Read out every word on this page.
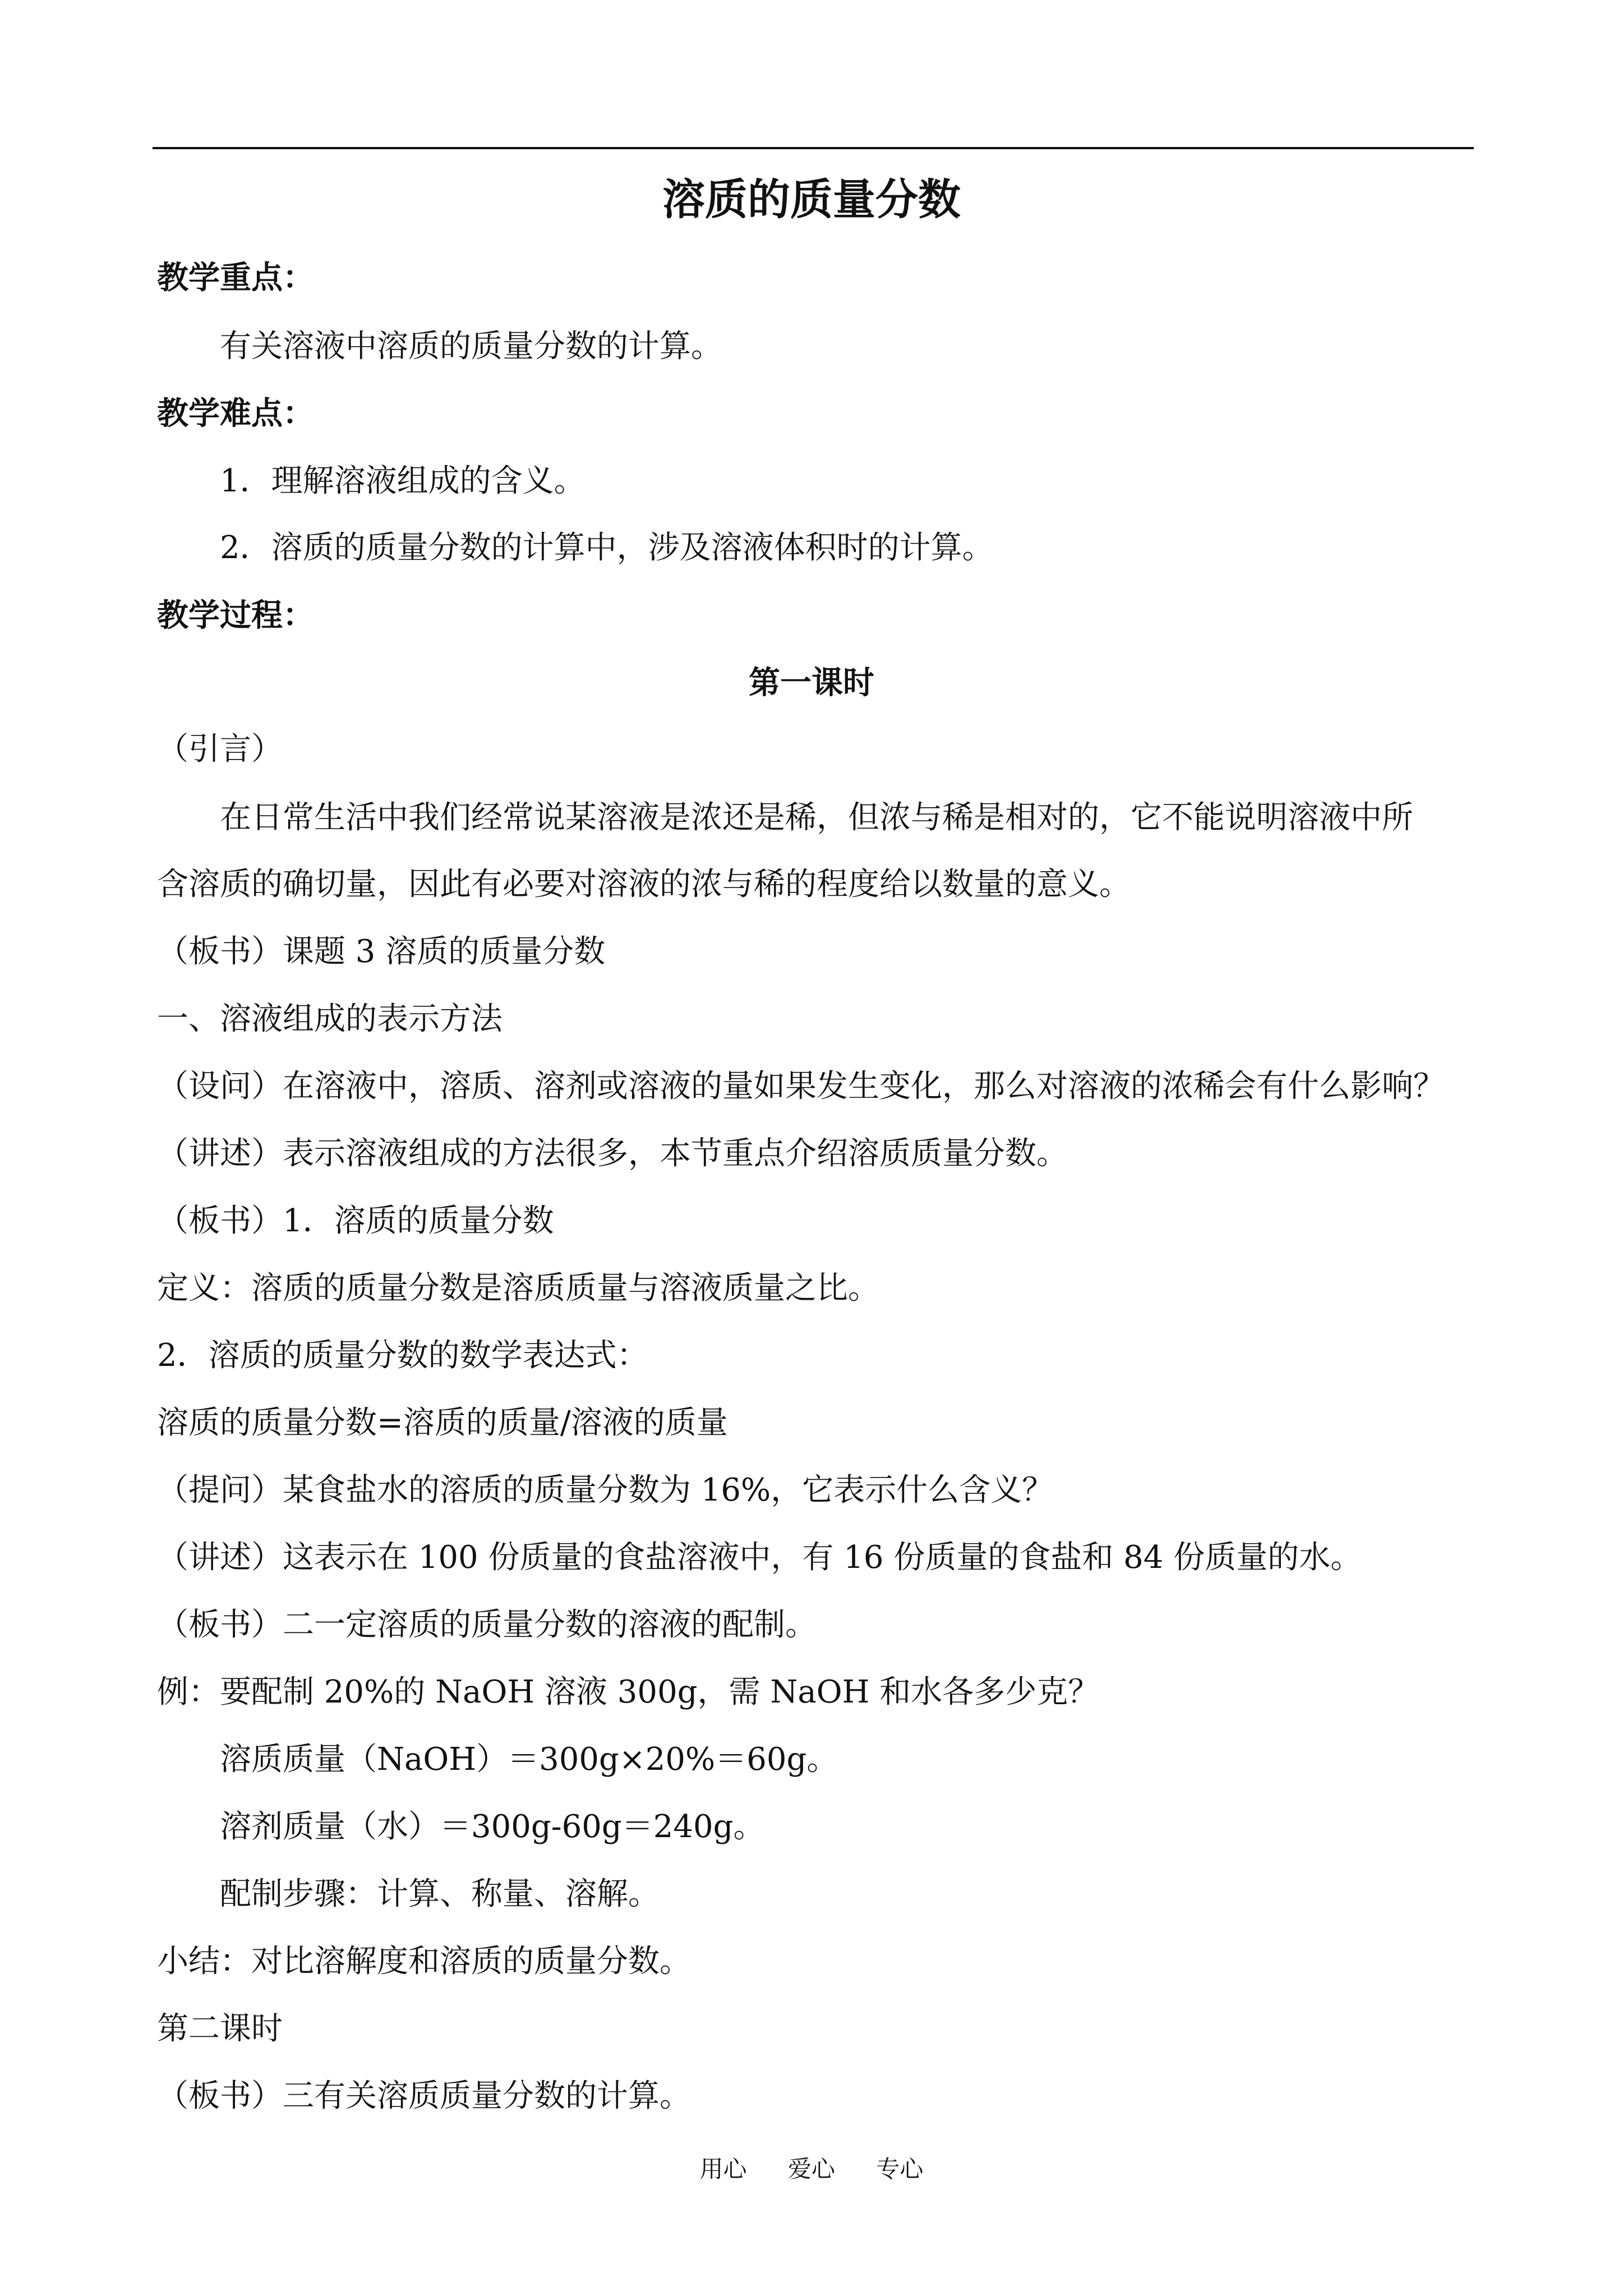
溶质的质量分数
教学重点：
有关溶液中溶质的质量分数的计算。
教学难点：
1．理解溶液组成的含义。
2．溶质的质量分数的计算中，涉及溶液体积时的计算。
教学过程：
第一课时
（引言）
在日常生活中我们经常说某溶液是浓还是稀，但浓与稀是相对的，它不能说明溶液中所
含溶质的确切量，因此有必要对溶液的浓与稀的程度给以数量的意义。
（板书）课题 3 溶质的质量分数
一、溶液组成的表示方法
（设问）在溶液中，溶质、溶剂或溶液的量如果发生变化，那么对溶液的浓稀会有什么影响？
（讲述）表示溶液组成的方法很多，本节重点介绍溶质质量分数。
（板书）1．溶质的质量分数
定义：溶质的质量分数是溶质质量与溶液质量之比。
2．溶质的质量分数的数学表达式：
溶质的质量分数=溶质的质量/溶液的质量
（提问）某食盐水的溶质的质量分数为 16%，它表示什么含义？
（讲述）这表示在 100 份质量的食盐溶液中，有 16 份质量的食盐和 84 份质量的水。
（板书）二一定溶质的质量分数的溶液的配制。
例：要配制 20%的 NaOH 溶液 300g，需 NaOH 和水各多少克？
溶质质量（NaOH）＝300g×20%＝60g。
溶剂质量（水）＝300g-60g＝240g。
配制步骤：计算、称量、溶解。
小结：对比溶解度和溶质的质量分数。
第二课时
（板书）三有关溶质质量分数的计算。
用心 爱心 专心
